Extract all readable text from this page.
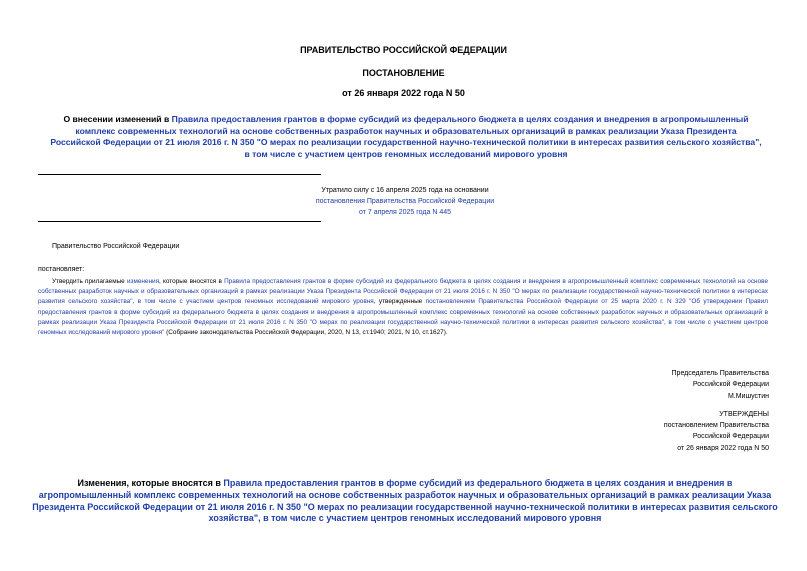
ПРАВИТЕЛЬСТВО РОССИЙСКОЙ ФЕДЕРАЦИИ
ПОСТАНОВЛЕНИЕ
от 26 января 2022 года N 50
О внесении изменений в Правила предоставления грантов в форме субсидий из федерального бюджета в целях создания и внедрения в агропромышленный комплекс современных технологий на основе собственных разработок научных и образовательных организаций в рамках реализации Указа Президента Российской Федерации от 21 июля 2016 г. N 350 "О мерах по реализации государственной научно-технической политики в интересах развития сельского хозяйства", в том числе с участием центров геномных исследований мирового уровня
Утратило силу с 16 апреля 2025 года на основании
постановления Правительства Российской Федерации
от 7 апреля 2025 года N 445
Правительство Российской Федерации
постановляет:
Утвердить прилагаемые изменения, которые вносятся в Правила предоставления грантов в форме субсидий из федерального бюджета в целях создания и внедрения в агропромышленный комплекс современных технологий на основе собственных разработок научных и образовательных организаций в рамках реализации Указа Президента Российской Федерации от 21 июля 2016 г. N 350 "О мерах по реализации государственной научно-технической политики в интересах развития сельского хозяйства", в том числе с участием центров геномных исследований мирового уровня, утвержденные постановлением Правительства Российской Федерации от 25 марта 2020 г. N 329 "Об утверждении Правил предоставления грантов в форме субсидий из федерального бюджета в целях создания и внедрения в агропромышленный комплекс современных технологий на основе собственных разработок научных и образовательных организаций в рамках реализации Указа Президента Российской Федерации от 21 июля 2016 г. N 350 "О мерах по реализации государственной научно-технической политики в интересах развития сельского хозяйства", в том числе с участием центров геномных исследований мирового уровня" (Собрание законодательства Российской Федерации, 2020, N 13, ст.1940; 2021, N 10, ст.1627).
Председатель Правительства
Российской Федерации
М.Мишустин
УТВЕРЖДЕНЫ
постановлением Правительства
Российской Федерации
от 26 января 2022 года N 50
Изменения, которые вносятся в Правила предоставления грантов в форме субсидий из федерального бюджета в целях создания и внедрения в агропромышленный комплекс современных технологий на основе собственных разработок научных и образовательных организаций в рамках реализации Указа Президента Российской Федерации от 21 июля 2016 г. N 350 "О мерах по реализации государственной научно-технической политики в интересах развития сельского хозяйства", в том числе с участием центров геномных исследований мирового уровня
